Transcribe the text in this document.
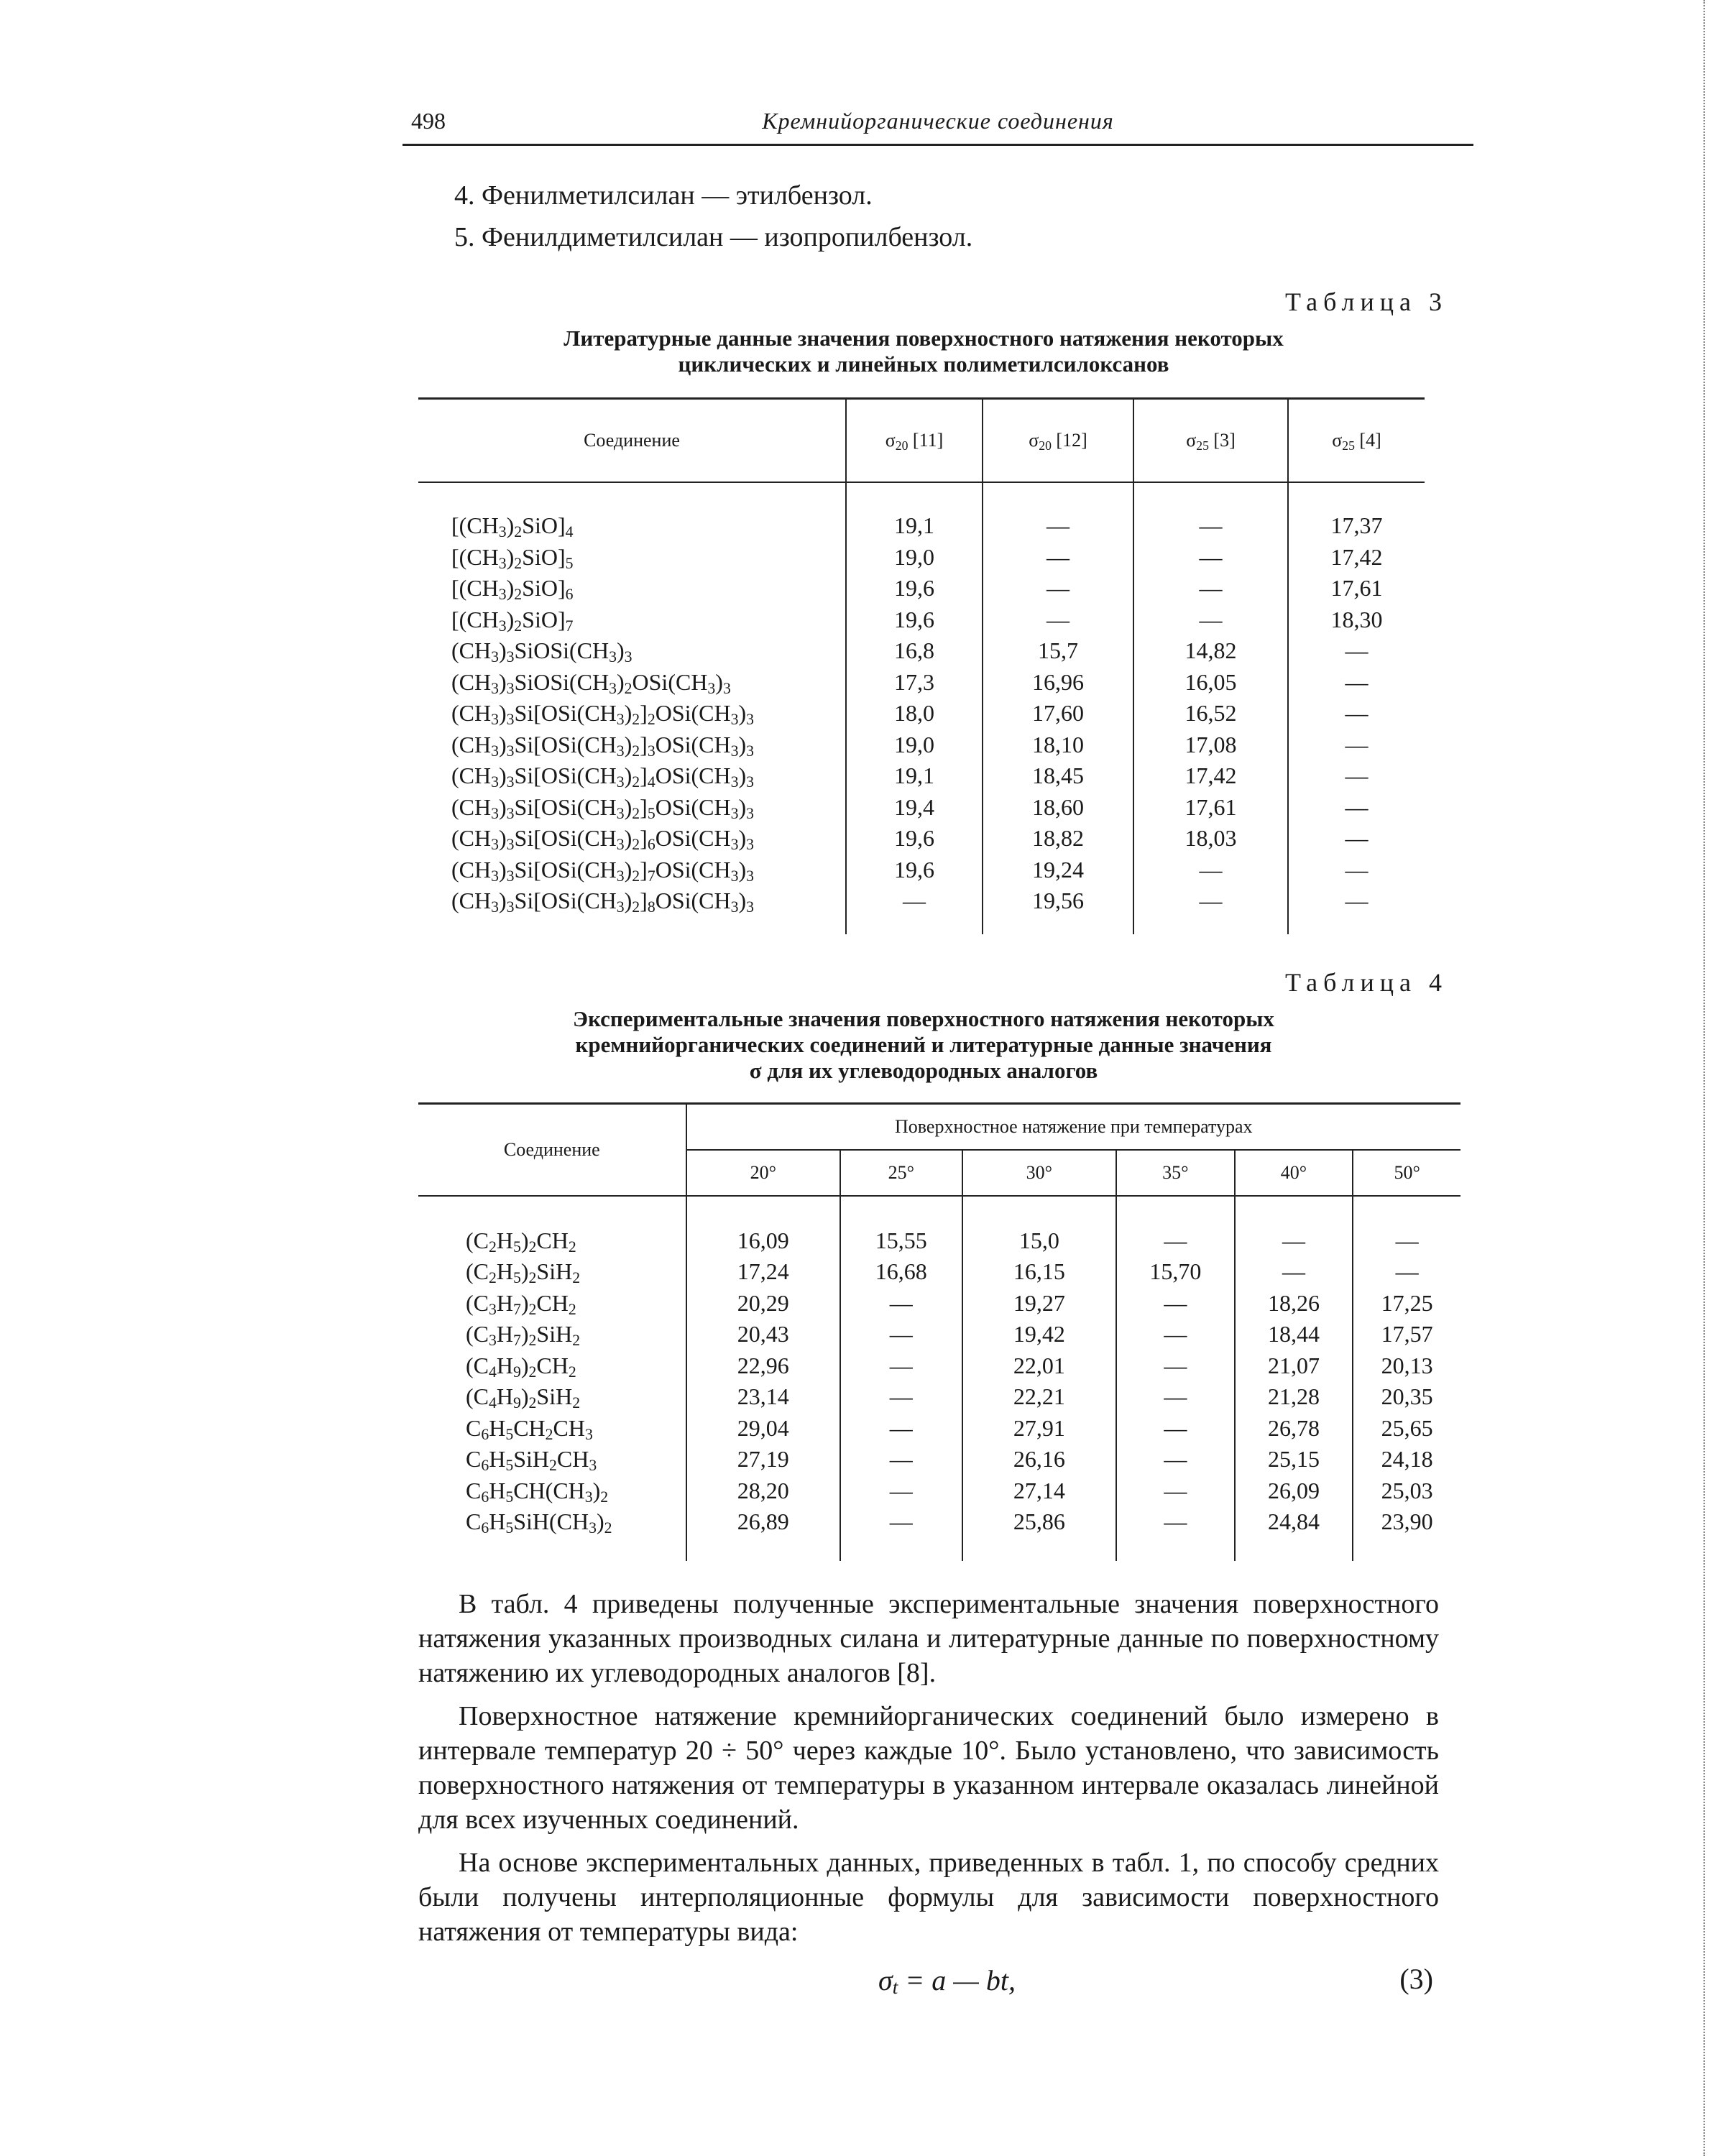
498	Кремнийорганические соединения
4. Фенилметилсилан — этилбензол.
5. Фенилдиметилсилан — изопропилбензол.
Таблица 3
Литературные данные значения поверхностного натяжения некоторых
циклических и линейных полиметилсилоксанов
Соединение	$\sigma_{20}$ [11]	$\sigma_{20}$ [12]	$\sigma_{25}$ [3]	$\sigma_{25}$ [4]
$[(CH_3)_2SiO]_4$	19,1	—	—	17,37
$[(CH_3)_2SiO]_5$	19,0	—	—	17,42
$[(CH_3)_2SiO]_6$	19,6	—	—	17,61
$[(CH_3)_2SiO]_7$	19,6	—	—	18,30
$(CH_3)_3SiOSi(CH_3)_3$	16,8	15,7	14,82	—
$(CH_3)_3SiOSi(CH_3)_2OSi(CH_3)_3$	17,3	16,96	16,05	—
$(CH_3)_3Si[OSi(CH_3)_2]_2OSi(CH_3)_3$	18,0	17,60	16,52	—
$(CH_3)_3Si[OSi(CH_3)_2]_3OSi(CH_3)_3$	19,0	18,10	17,08	—
$(CH_3)_3Si[OSi(CH_3)_2]_4OSi(CH_3)_3$	19,1	18,45	17,42	—
$(CH_3)_3Si[OSi(CH_3)_2]_5OSi(CH_3)_3$	19,4	18,60	17,61	—
$(CH_3)_3Si[OSi(CH_3)_2]_6OSi(CH_3)_3$	19,6	18,82	18,03	—
$(CH_3)_3Si[OSi(CH_3)_2]_7OSi(CH_3)_3$	19,6	19,24	—	—
$(CH_3)_3Si[OSi(CH_3)_2]_8OSi(CH_3)_3$	—	19,56	—	—
Таблица 4
Экспериментальные значения поверхностного натяжения некоторых
кремнийорганических соединений и литературные данные значения
σ для их углеводородных аналогов
Соединение	Поверхностное натяжение при температурах					
	20°	25°	30°	35°	40°	50°
$(C_2H_5)_2CH_2$	16,09	15,55	15,0	—	—	—
$(C_2H_5)_2SiH_2$	17,24	16,68	16,15	15,70	—	—
$(C_3H_7)_2CH_2$	20,29	—	19,27	—	18,26	17,25
$(C_3H_7)_2SiH_2$	20,43	—	19,42	—	18,44	17,57
$(C_4H_9)_2CH_2$	22,96	—	22,01	—	21,07	20,13
$(C_4H_9)_2SiH_2$	23,14	—	22,21	—	21,28	20,35
$C_6H_5CH_2CH_3$	29,04	—	27,91	—	26,78	25,65
$C_6H_5SiH_2CH_3$	27,19	—	26,16	—	25,15	24,18
$C_6H_5CH(CH_3)_2$	28,20	—	27,14	—	26,09	25,03
$C_6H_5SiH(CH_3)_2$	26,89	—	25,86	—	24,84	23,90

В табл. 4 приведены полученные экспериментальные значения поверхностного натяжения указанных производных силана и литературные данные по поверхностному натяжению их углеводородных аналогов [8].

Поверхностное натяжение кремнийорганических соединений было измерено в интервале температур 20 ÷ 50° через каждые 10°. Было установлено, что зависимость поверхностного натяжения от температуры в указанном интервале оказалась линейной для всех изученных соединений.

На основе экспериментальных данных, приведенных в табл. 1, по способу средних были получены интерполяционные формулы для зависимости поверхностного натяжения от температуры вида:

$\sigma_t = a$ — bt,	(3)
